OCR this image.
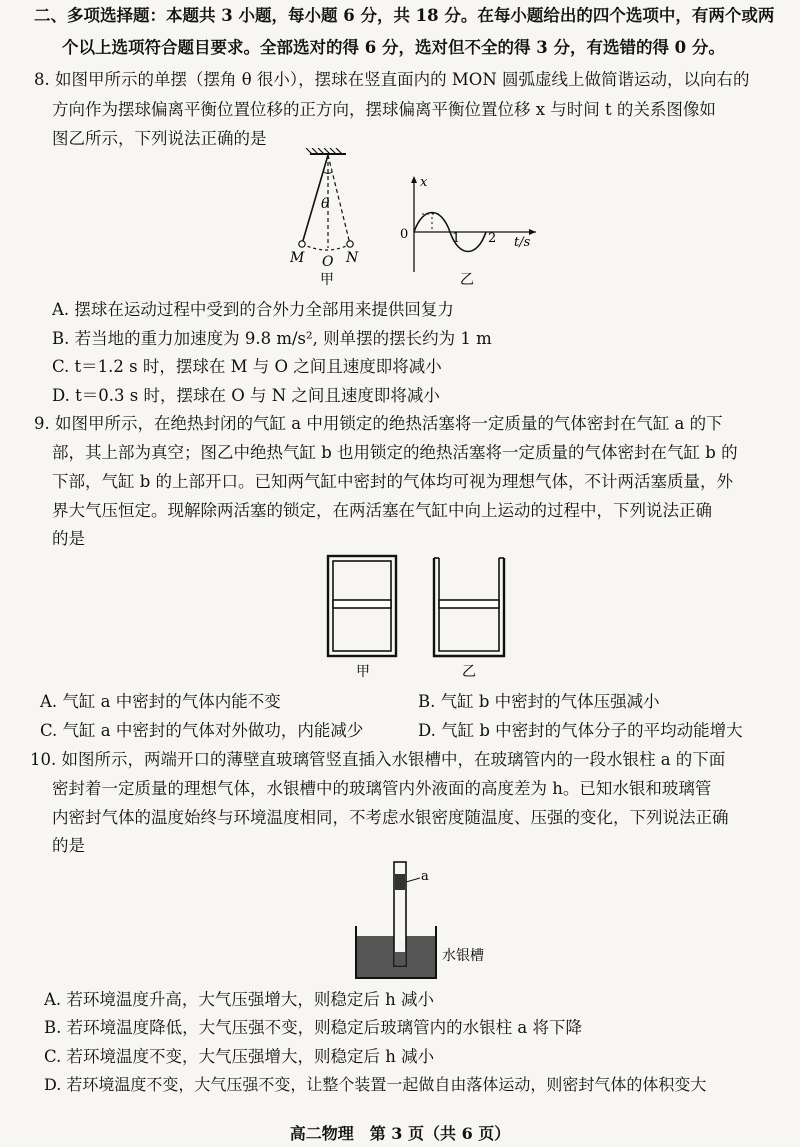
二、多项选择题：本题共 3 小题，每小题 6 分，共 18 分。在每小题给出的四个选项中，有两个或两
个以上选项符合题目要求。全部选对的得 6 分，选对但不全的得 3 分，有选错的得 0 分。
8. 如图甲所示的单摆（摆角 θ 很小），摆球在竖直面内的 MON 圆弧虚线上做简谐运动，以向右的
方向作为摆球偏离平衡位置位移的正方向，摆球偏离平衡位置位移 x 与时间 t 的关系图像如
图乙所示，下列说法正确的是
θ
M O N
甲
x
0	1 2 t/s
乙
A. 摆球在运动过程中受到的合外力全部用来提供回复力
B. 若当地的重力加速度为 9.8 m/s², 则单摆的摆长约为 1 m
C. t＝1.2 s 时，摆球在 M 与 O 之间且速度即将减小
D. t＝0.3 s 时，摆球在 O 与 N 之间且速度即将减小
9. 如图甲所示，在绝热封闭的气缸 a 中用锁定的绝热活塞将一定质量的气体密封在气缸 a 的下
部，其上部为真空；图乙中绝热气缸 b 也用锁定的绝热活塞将一定质量的气体密封在气缸 b 的
下部，气缸 b 的上部开口。已知两气缸中密封的气体均可视为理想气体，不计两活塞质量，外
界大气压恒定。现解除两活塞的锁定，在两活塞在气缸中向上运动的过程中，下列说法正确
的是
甲	乙
A. 气缸 a 中密封的气体内能不变	B. 气缸 b 中密封的气体压强减小
C. 气缸 a 中密封的气体对外做功，内能减少	D. 气缸 b 中密封的气体分子的平均动能增大
10. 如图所示，两端开口的薄壁直玻璃管竖直插入水银槽中，在玻璃管内的一段水银柱 a 的下面
密封着一定质量的理想气体，水银槽中的玻璃管内外液面的高度差为 h。已知水银和玻璃管
内密封气体的温度始终与环境温度相同，不考虑水银密度随温度、压强的变化，下列说法正确
的是
a
h
水银槽
A. 若环境温度升高，大气压强增大，则稳定后 h 减小
B. 若环境温度降低，大气压强不变，则稳定后玻璃管内的水银柱 a 将下降
C. 若环境温度不变，大气压强增大，则稳定后 h 减小
D. 若环境温度不变，大气压强不变，让整个装置一起做自由落体运动，则密封气体的体积变大
高二物理　第 3 页（共 6 页）
